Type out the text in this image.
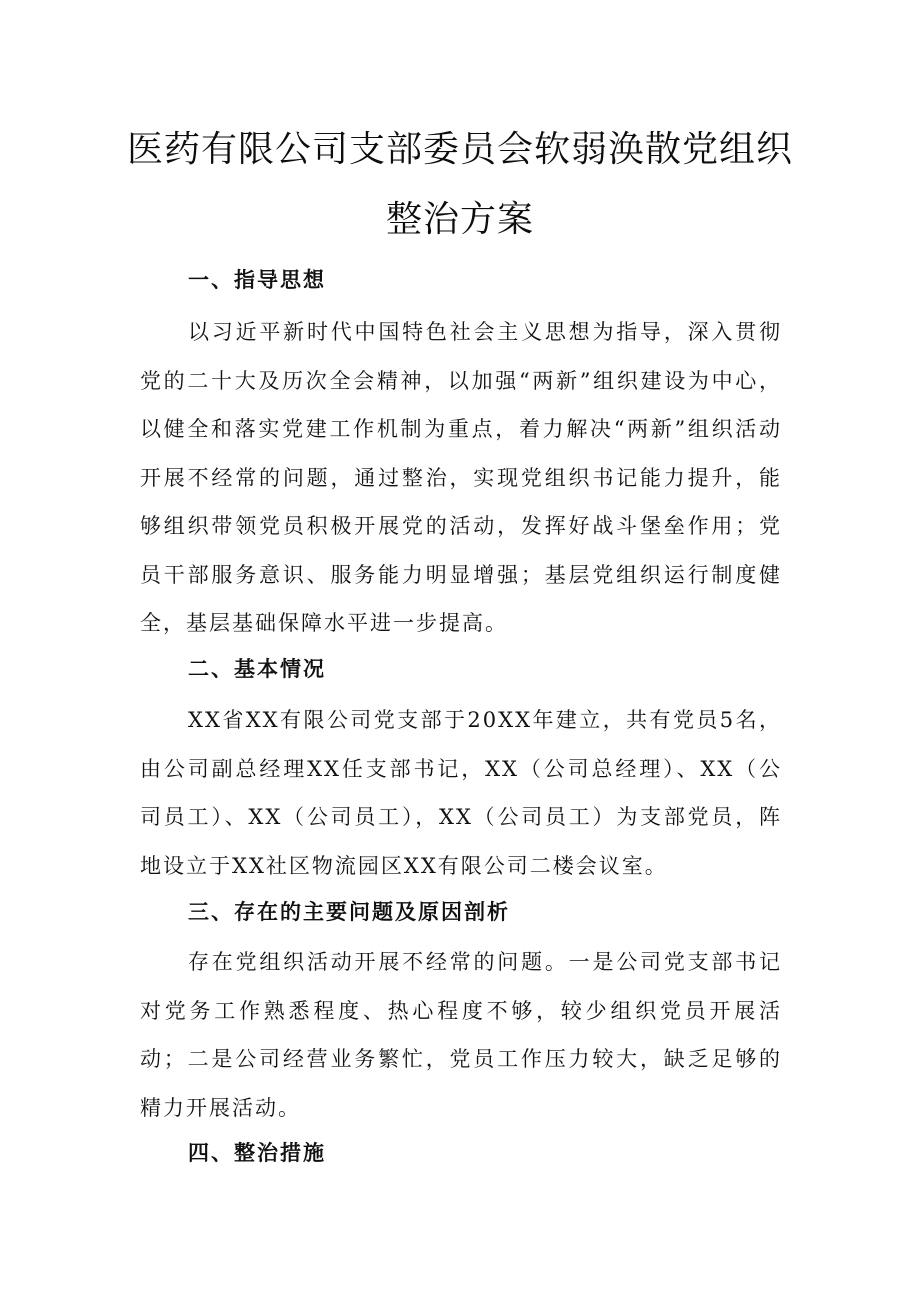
医药有限公司支部委员会软弱涣散党组织
整治方案
一、指导思想

以习近平新时代中国特色社会主义思想为指导，深入贯彻党的二十大及历次全会精神，以加强“两新”组织建设为中心，以健全和落实党建工作机制为重点，着力解决“两新”组织活动开展不经常的问题，通过整治，实现党组织书记能力提升，能够组织带领党员积极开展党的活动，发挥好战斗堡垒作用；党员干部服务意识、服务能力明显增强；基层党组织运行制度健全，基层基础保障水平进一步提高。

二、基本情况

XX省XX有限公司党支部于20XX年建立，共有党员5名，由公司副总经理XX任支部书记，XX（公司总经理）、XX（公司员工）、XX（公司员工），XX（公司员工）为支部党员，阵地设立于XX社区物流园区XX有限公司二楼会议室。

三、存在的主要问题及原因剖析

存在党组织活动开展不经常的问题。一是公司党支部书记对党务工作熟悉程度、热心程度不够，较少组织党员开展活动；二是公司经营业务繁忙，党员工作压力较大，缺乏足够的精力开展活动。

四、整治措施
